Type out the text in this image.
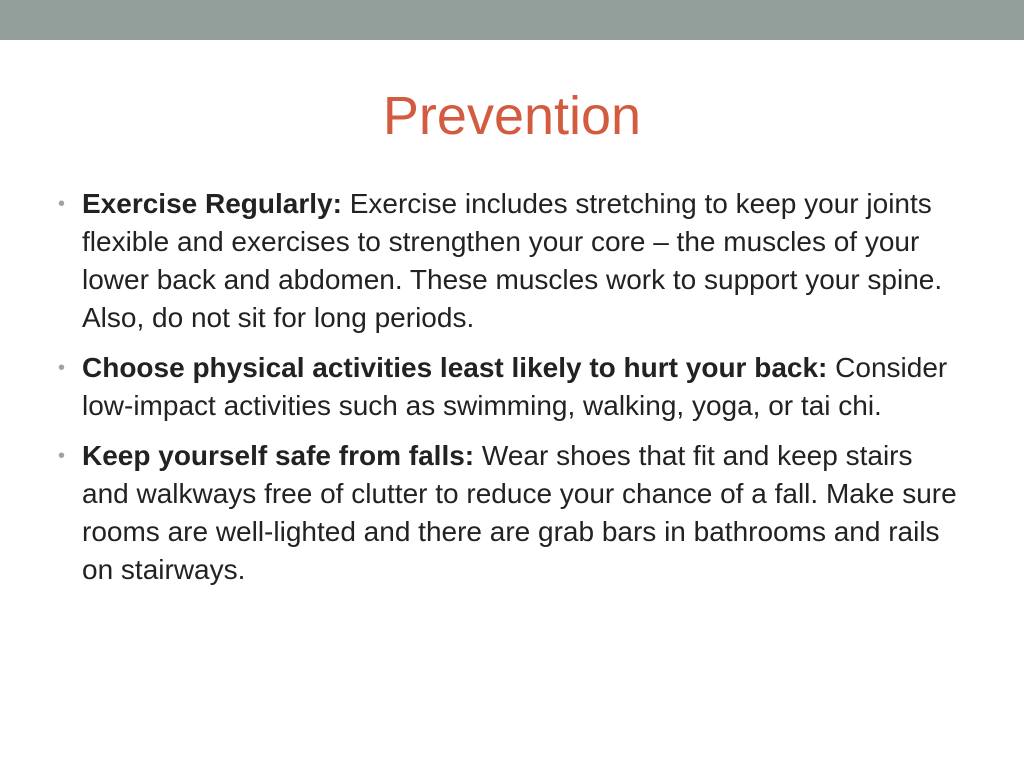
Prevention
• Exercise Regularly: Exercise includes stretching to keep your joints flexible and exercises to strengthen your core – the muscles of your lower back and abdomen. These muscles work to support your spine. Also, do not sit for long periods.
• Choose physical activities least likely to hurt your back: Consider low-impact activities such as swimming, walking, yoga, or tai chi.
• Keep yourself safe from falls: Wear shoes that fit and keep stairs and walkways free of clutter to reduce your chance of a fall. Make sure rooms are well-lighted and there are grab bars in bathrooms and rails on stairways.
